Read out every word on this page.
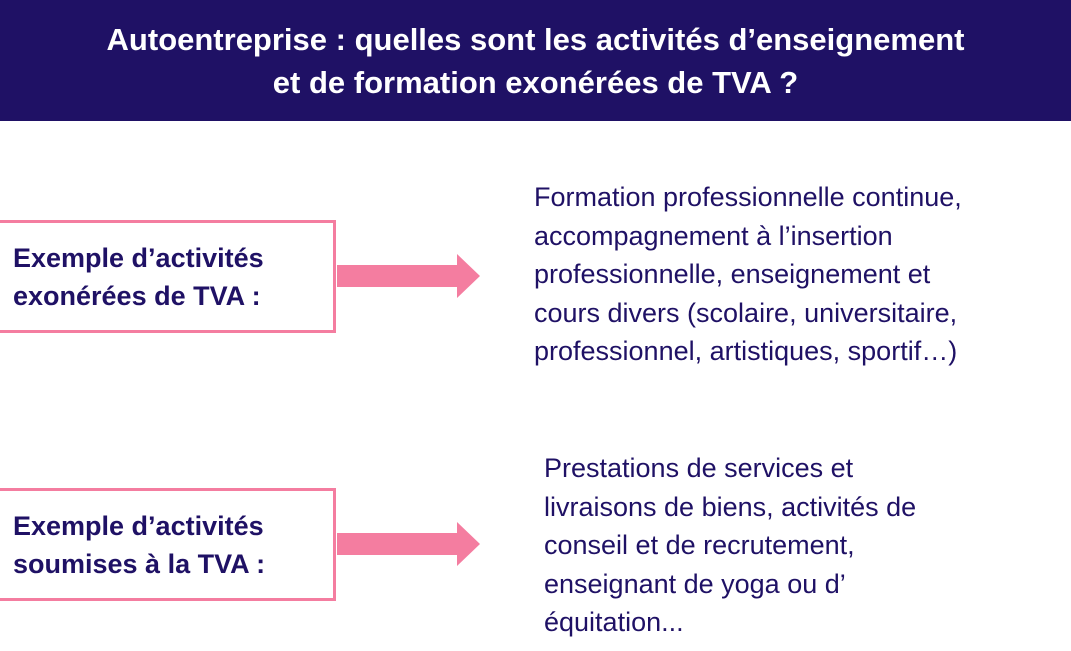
Autoentreprise : quelles sont les activités d’enseignement
et de formation exonérées de TVA ?
Exemple d’activités
exonérées de TVA :
Formation professionnelle continue,
accompagnement à l’insertion
professionnelle, enseignement et
cours divers (scolaire, universitaire,
professionnel, artistiques, sportif…)
Exemple d’activités
soumises à la TVA :
Prestations de services et
livraisons de biens, activités de
conseil et de recrutement,
enseignant de yoga ou d’
équitation...
